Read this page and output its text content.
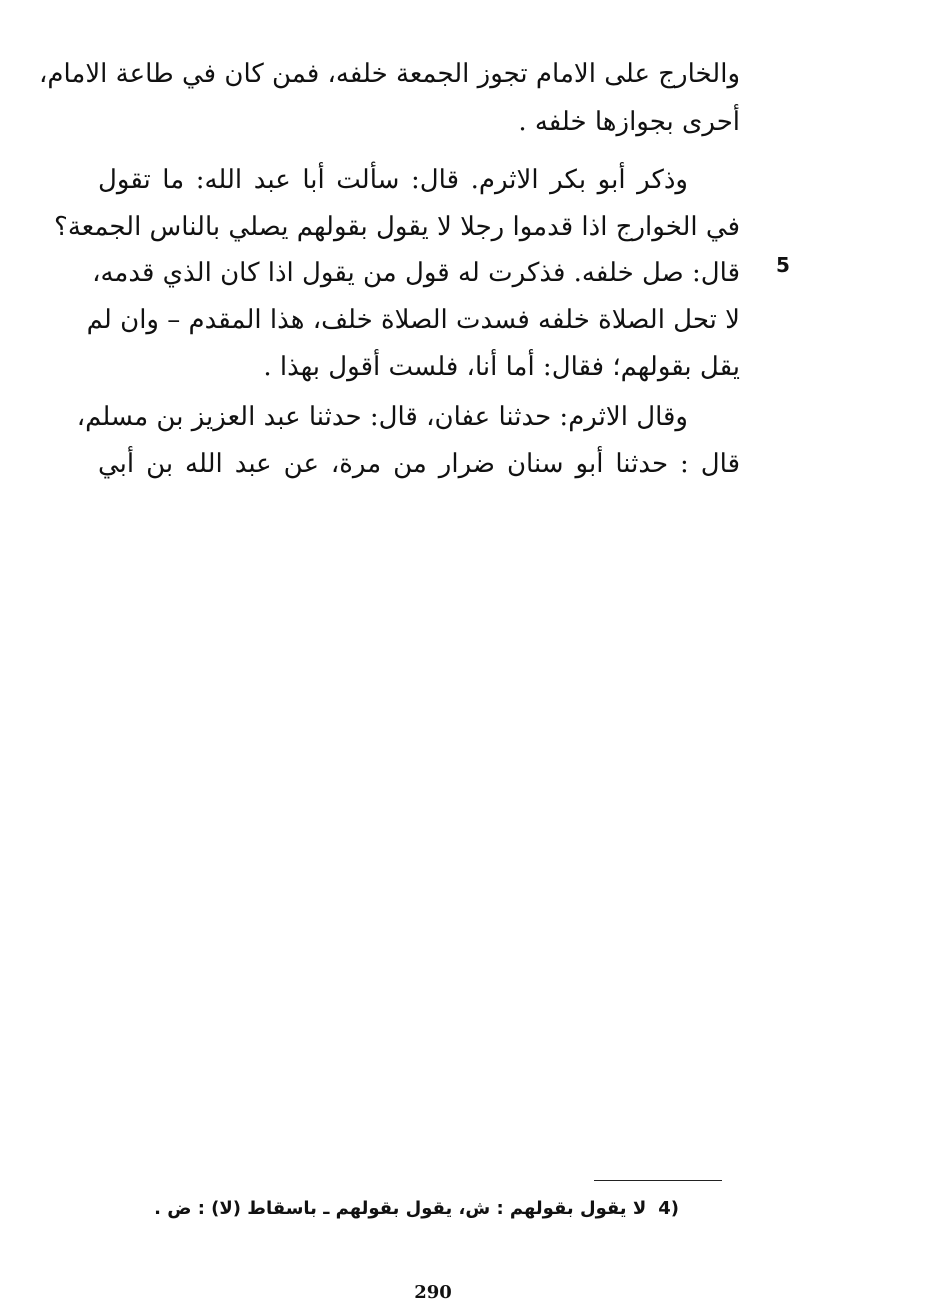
والخارج على الامام تجوز الجمعة خلفه، فمن كان في طاعة الامام،
أحرى بجوازها خلفه .
وذكر أبو بكر الاثرم. قال: سألت أبا عبد الله: ما تقول
في الخوارج اذا قدموا رجلا لا يقول بقولهم يصلي بالناس الجمعة؟
قال: صل خلفه. فذكرت له قول من يقول اذا كان الذي قدمه،
لا تحل الصلاة خلفه فسدت الصلاة خلف، هذا المقدم – وان لم
يقل بقولهم؛ فقال: أما أنا، فلست أقول بهذا .
وقال الاثرم: حدثنا عفان، قال: حدثنا عبد العزيز بن مسلم،
قال : حدثنا أبو سنان ضرار من مرة، عن عبد الله بن أبي
5
4)لا يقول بقولهم : ش، يقول بقولهم ـ باسقاط (لا) : ض .
290
